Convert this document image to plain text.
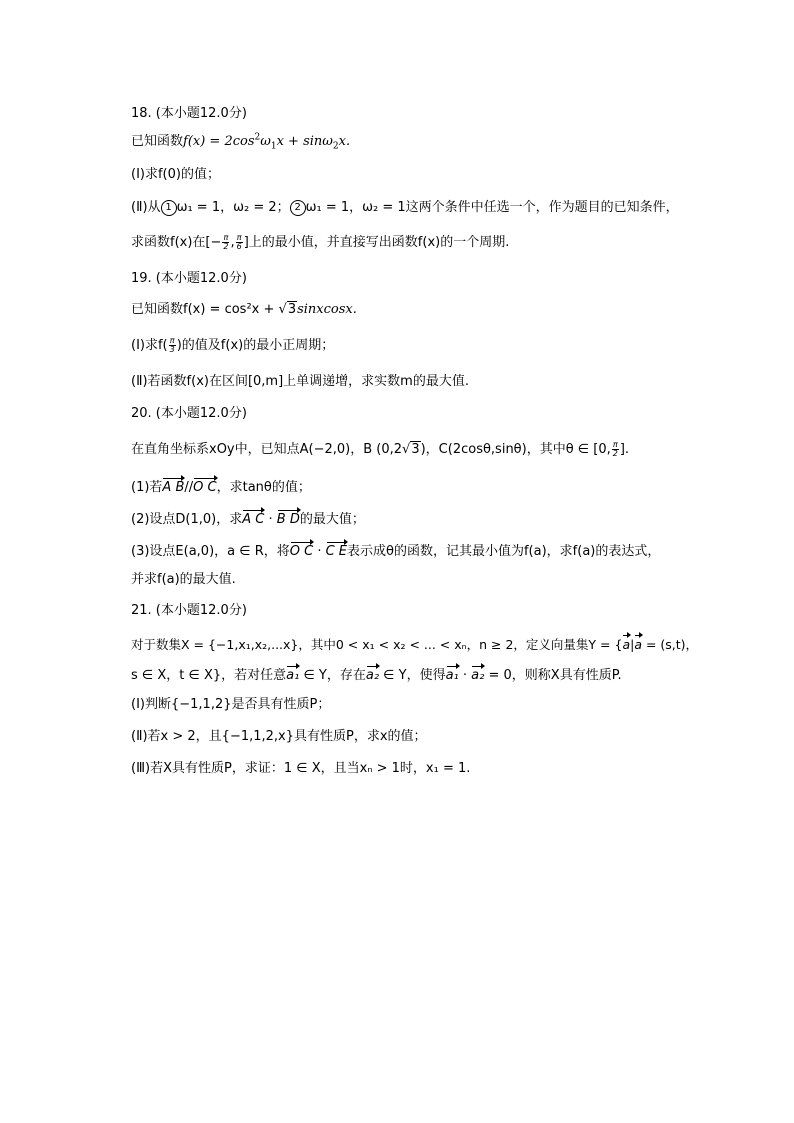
18. (本小题12.0分)
已知函数$f(x) = 2\cos^2\omega_1x + \sin\omega_2x$.
(Ⅰ)求f(0)的值；
(Ⅱ)从 1 ω₁ = 1，ω₂ = 2； 2 ω₁ = 1，ω₂ = 1这两个条件中任选一个，作为题目的已知条件，
求函数f(x)在[− $\frac{\pi}{2}$ , $\frac{\pi}{6}$ ]上的最小值，并直接写出函数f(x)的一个周期.
19. (本小题12.0分)
已知函数f(x) = cos²x + √3sinxcosx.
(Ⅰ)求$f( \frac{\pi}{3}$ )的值及f(x)的最小正周期；
(Ⅱ)若函数f(x)在区间[0,m]上单调递增，求实数m的最大值.
20. (本小题12.0分)
在直角坐标系xOy中，已知点A(−2,0)，B (0,2√3)，C(2cosθ,sinθ)，其中θ ∈ [0, $\frac{\pi}{2}$ ].
(1)若A B//O C，求tanθ的值；
(2)设点D(1,0)，求A C · B D的最大值；
(3)设点E(a,0)，a ∈ R，将O C · C E表示成θ的函数，记其最小值为f(a)，求f(a)的表达式，
并求f(a)的最大值.
21. (本小题12.0分)
对于数集X = {−1,x₁,x₂,...x}，其中0 < x₁ < x₂ < ... < xₙ，n ≥ 2，定义向量集Y = {a|a = (s,t)，
s ∈ X，t ∈ X}，若对任意a₁ ∈ Y，存在a₂ ∈ Y，使得a₁ · a₂ = 0，则称X具有性质P.
(Ⅰ)判断{−1,1,2}是否具有性质P；
(Ⅱ)若x > 2，且{−1,1,2,x}具有性质P，求x的值；
(Ⅲ)若X具有性质P，求证：1 ∈ X，且当xₙ > 1时，x₁ = 1.
